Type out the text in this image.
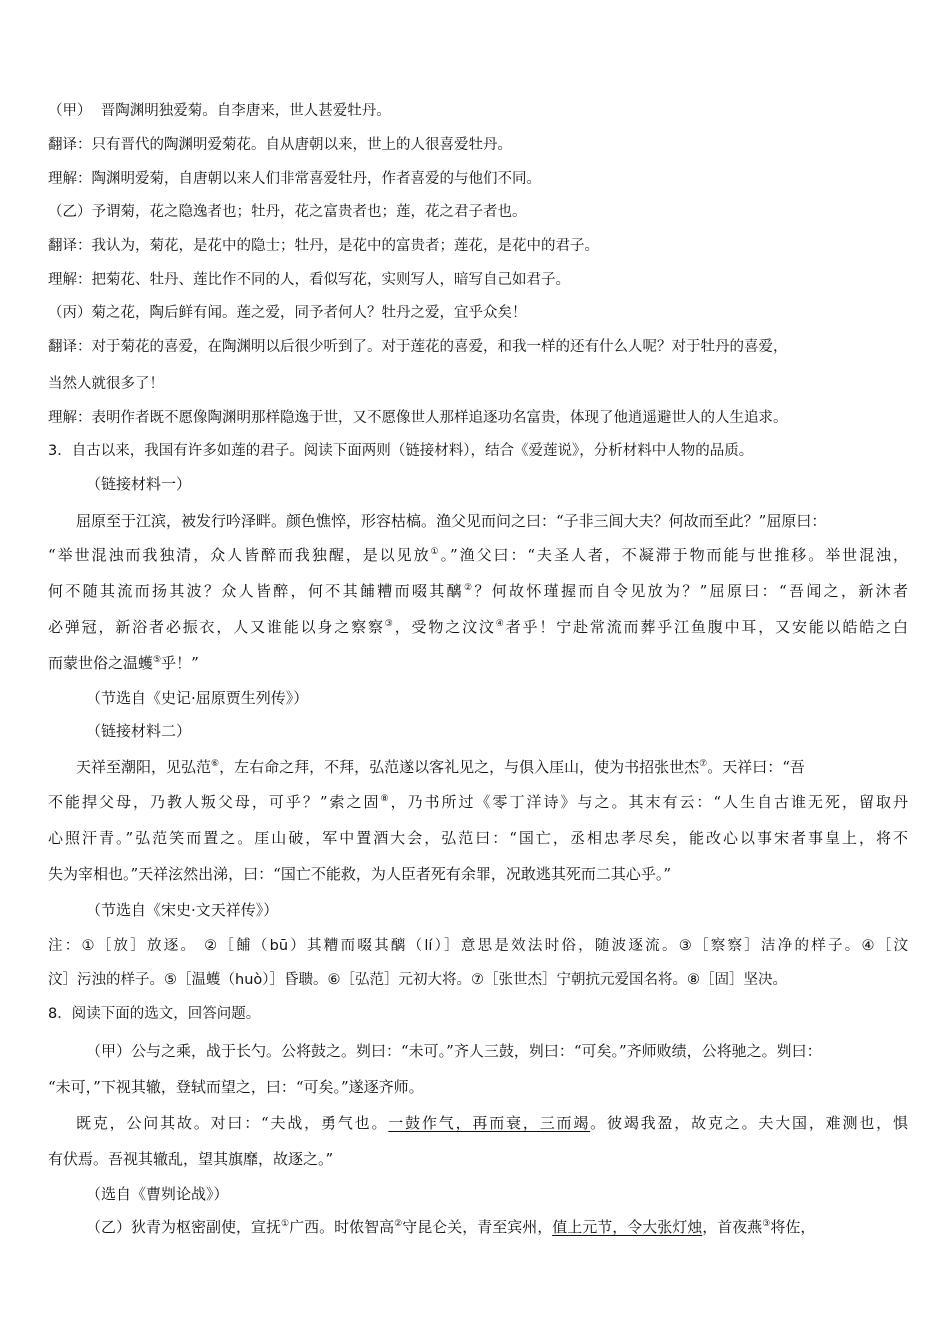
（甲） 晋陶渊明独爱菊。自李唐来，世人甚爱牡丹。

翻译：只有晋代的陶渊明爱菊花。自从唐朝以来，世上的人很喜爱牡丹。

理解：陶渊明爱菊，自唐朝以来人们非常喜爱牡丹，作者喜爱的与他们不同。

（乙）予谓菊，花之隐逸者也；牡丹，花之富贵者也；莲，花之君子者也。

翻译：我认为，菊花，是花中的隐士；牡丹，是花中的富贵者；莲花，是花中的君子。

理解：把菊花、牡丹、莲比作不同的人，看似写花，实则写人，暗写自己如君子。

（丙）菊之花，陶后鲜有闻。莲之爱，同予者何人？牡丹之爱，宜乎众矣！

翻译：对于菊花的喜爱，在陶渊明以后很少听到了。对于莲花的喜爱，和我一样的还有什么人呢？对于牡丹的喜爱，

当然人就很多了！

理解：表明作者既不愿像陶渊明那样隐逸于世，又不愿像世人那样追逐功名富贵，体现了他逍遥避世人的人生追求。

3．自古以来，我国有许多如莲的君子。阅读下面两则（链接材料），结合《爱莲说》，分析材料中人物的品质。

（链接材料一）

屈原至于江滨，被发行吟泽畔。颜色憔悴，形容枯槁。渔父见而问之曰：“子非三闾大夫？何故而至此？”屈原曰：

“举世混浊而我独清，众人皆醉而我独醒，是以见放①。”渔父曰：“夫圣人者，不凝滞于物而能与世推移。举世混浊，

何不随其流而扬其波？众人皆醉，何不其餔糟而啜其醨②？何故怀瑾握而自令见放为？”屈原曰：“吾闻之，新沐者

必弹冠，新浴者必振衣，人又谁能以身之察察③，受物之汶汶④者乎！宁赴常流而葬乎江鱼腹中耳，又安能以皓皓之白

而蒙世俗之温蠖⑤乎！”

（节选自《史记·屈原贾生列传》）

（链接材料二）

天祥至潮阳，见弘范⑥，左右命之拜，不拜，弘范遂以客礼见之，与俱入厓山，使为书招张世杰⑦。天祥曰：“吾

不能捍父母，乃教人叛父母，可乎？”索之固⑧，乃书所过《零丁洋诗》与之。其末有云：“人生自古谁无死，留取丹

心照汗青。”弘范笑而置之。厓山破，军中置酒大会，弘范曰：“国亡，丞相忠孝尽矣，能改心以事宋者事皇上，将不

失为宰相也。”天祥泫然出涕，曰：“国亡不能救，为人臣者死有余罪，况敢逃其死而二其心乎。”

（节选自《宋史·文天祥传》）

注：①［放］放逐。 ②［餔（bū）其糟而啜其醨（lí）］意思是效法时俗，随波逐流。③［察察］洁净的样子。④［汶

汶］污浊的样子。⑤［温蠖（huò）］昏聩。⑥［弘范］元初大将。⑦［张世杰］宁朝抗元爱国名将。⑧［固］坚决。

8．阅读下面的选文，回答问题。

（甲）公与之乘，战于长勺。公将鼓之。刿曰：“未可。”齐人三鼓，刿曰：“可矣。”齐师败绩，公将驰之。刿曰：

“未可，”下视其辙，登轼而望之，曰：“可矣。”遂逐齐师。

既克，公问其故。对曰：“夫战，勇气也。一鼓作气，再而衰，三而竭。彼竭我盈，故克之。夫大国，难测也，惧

有伏焉。吾视其辙乱，望其旗靡，故逐之。”

（选自《曹刿论战》）

（乙）狄青为枢密副使，宣抚①广西。时侬智高②守昆仑关，青至宾州，值上元节，令大张灯烛，首夜燕③将佐，
